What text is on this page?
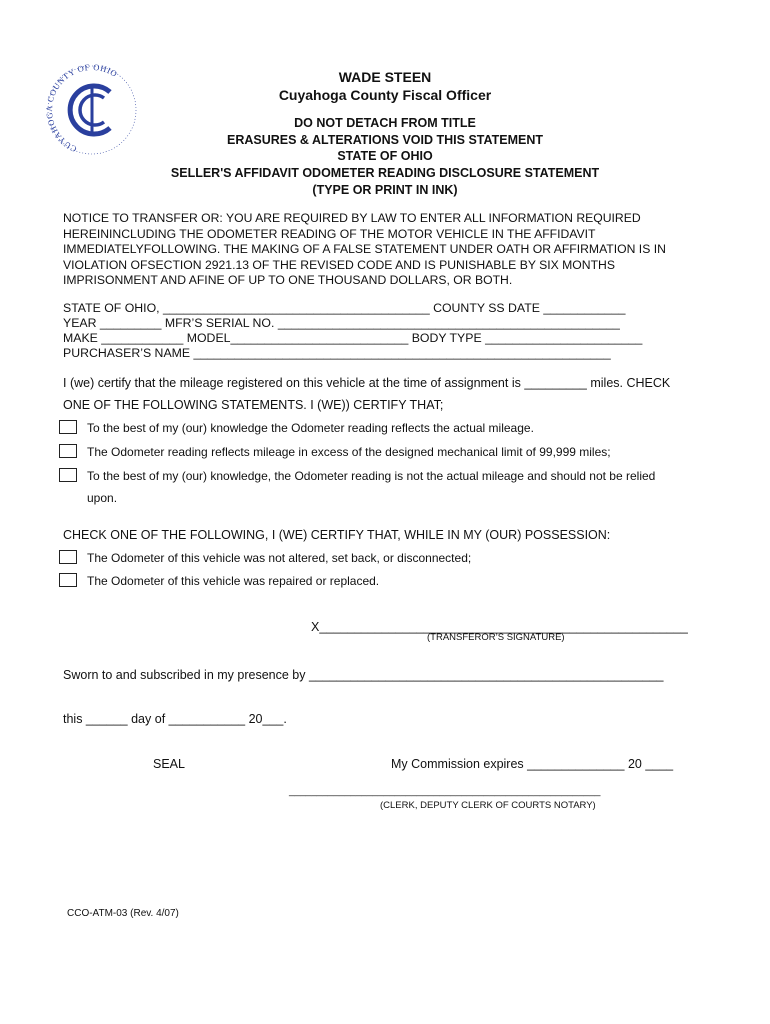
CUYAHOGA COUNTY OF OHIO	WADE STEEN
Cuyahoga County Fiscal Officer
DO NOT DETACH FROM TITLE
ERASURES & ALTERATIONS VOID THIS STATEMENT
STATE OF OHIO
SELLER'S AFFIDAVIT ODOMETER READING DISCLOSURE STATEMENT
(TYPE OR PRINT IN INK)
NOTICE TO TRANSFER OR: YOU ARE REQUIRED BY LAW TO ENTER ALL INFORMATION REQUIRED
HEREININCLUDING THE ODOMETER READING OF THE MOTOR VEHICLE IN THE AFFIDAVIT
IMMEDIATELYFOLLOWING. THE MAKING OF A FALSE STATEMENT UNDER OATH OR AFFIRMATION IS IN
VIOLATION OFSECTION 2921.13 OF THE REVISED CODE AND IS PUNISHABLE BY SIX MONTHS
IMPRISONMENT AND AFINE OF UP TO ONE THOUSAND DOLLARS, OR BOTH.
STATE OF OHIO, _______________________________________ COUNTY SS DATE ____________
YEAR _________ MFR’S SERIAL NO. __________________________________________________
MAKE ____________ MODEL__________________________ BODY TYPE _______________________
PURCHASER’S NAME _____________________________________________________________
I (we) certify that the mileage registered on this vehicle at the time of assignment is _________ miles. CHECK
ONE OF THE FOLLOWING STATEMENTS. I (WE)) CERTIFY THAT;
To the best of my (our) knowledge the Odometer reading reflects the actual mileage.
The Odometer reading reflects mileage in excess of the designed mechanical limit of 99,999 miles;
To the best of my (our) knowledge, the Odometer reading is not the actual mileage and should not be relied
upon.
CHECK ONE OF THE FOLLOWING, I (WE) CERTIFY THAT, WHILE IN MY (OUR) POSSESSION:
The Odometer of this vehicle was not altered, set back, or disconnected;
The Odometer of this vehicle was repaired or replaced.
X_____________________________________________________
(TRANSFEROR’S SIGNATURE)
Sworn to and subscribed in my presence by ___________________________________________________
this ______ day of ___________ 20___.
SEAL	My Commission expires ______________ 20 ____
________________________________________________________
(CLERK, DEPUTY CLERK OF COURTS NOTARY)
CCO-ATM-03 (Rev. 4/07)
